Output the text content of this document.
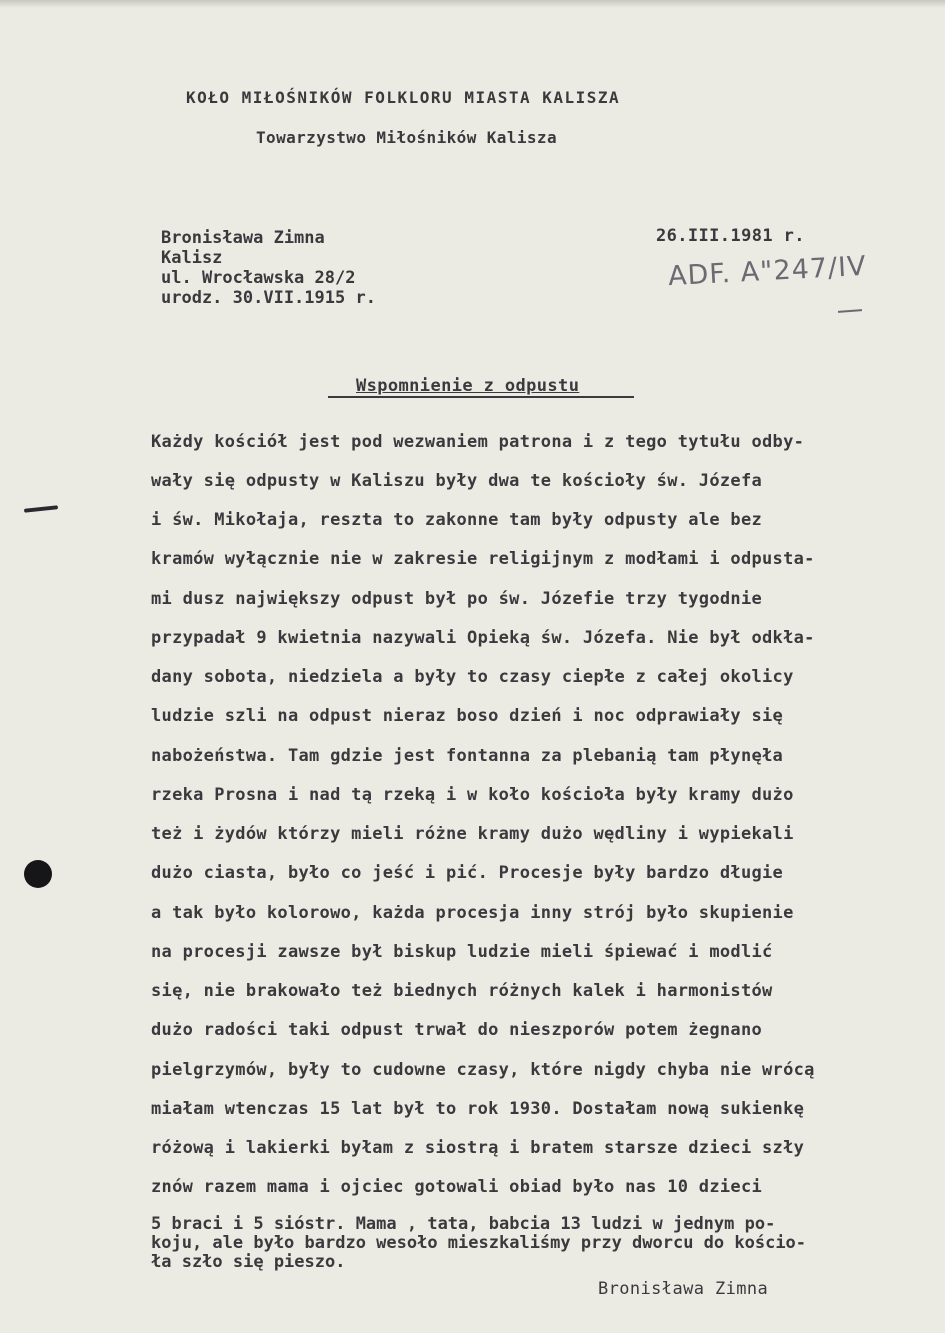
KOŁO MIŁOŚNIKÓW FOLKLORU MIASTA KALISZA
Towarzystwo Miłośników Kalisza
Bronisława Zimna
Kalisz
ul. Wrocławska 28/2
urodz. 30.VII.1915 r.
26.III.1981 r.
ADF. A"247/IV
Wspomnienie z odpustu
Każdy kościół jest pod wezwaniem patrona i z tego tytułu odby-
wały się odpusty w Kaliszu były dwa te kościoły św. Józefa
i św. Mikołaja, reszta to zakonne tam były odpusty ale bez
kramów wyłącznie nie w zakresie religijnym z modłami i odpusta-
mi dusz największy odpust był po św. Józefie trzy tygodnie
przypadał 9 kwietnia nazywali Opieką św. Józefa. Nie był odkła-
dany sobota, niedziela a były to czasy ciepłe z całej okolicy
ludzie szli na odpust nieraz boso dzień i noc odprawiały się
nabożeństwa. Tam gdzie jest fontanna za plebanią tam płynęła
rzeka Prosna i nad tą rzeką i w koło kościoła były kramy dużo
też i żydów którzy mieli różne kramy dużo wędliny i wypiekali
dużo ciasta, było co jeść i pić. Procesje były bardzo długie
a tak było kolorowo, każda procesja inny strój było skupienie
na procesji zawsze był biskup ludzie mieli śpiewać i modlić
się, nie brakowało też biednych różnych kalek i harmonistów
dużo radości taki odpust trwał do nieszporów potem żegnano
pielgrzymów, były to cudowne czasy, które nigdy chyba nie wrócą
miałam wtenczas 15 lat był to rok 1930. Dostałam nową sukienkę
różową i lakierki byłam z siostrą i bratem starsze dzieci szły
znów razem mama i ojciec gotowali obiad było nas 10 dzieci
5 braci i 5 sióstr. Mama , tata, babcia 13 ludzi w jednym po-
koju, ale było bardzo wesoło mieszkaliśmy przy dworcu do kościo-
ła szło się pieszo.
Bronisława Zimna
